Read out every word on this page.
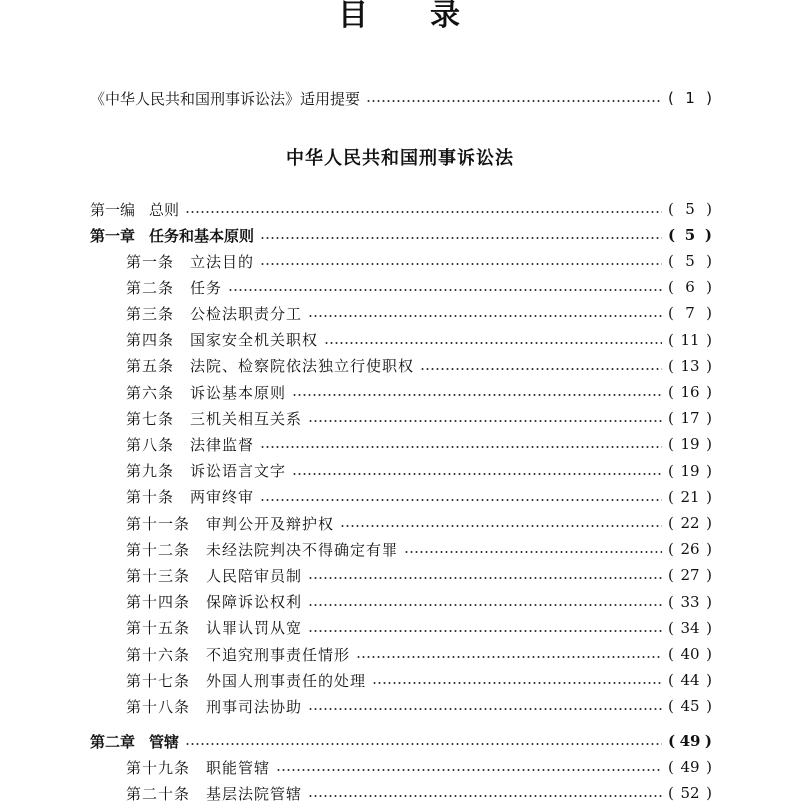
目 录
《中华人民共和国刑事诉讼法》适用提要	( 1 )
中华人民共和国刑事诉讼法
第一编 总则	( 5 )
第一章 任务和基本原则	( 5 )
第一条 立法目的	( 5 )
第二条 任务	( 6 )
第三条 公检法职责分工	( 7 )
第四条 国家安全机关职权	( 11 )
第五条 法院、检察院依法独立行使职权	( 13 )
第六条 诉讼基本原则	( 16 )
第七条 三机关相互关系	( 17 )
第八条 法律监督	( 19 )
第九条 诉讼语言文字	( 19 )
第十条 两审终审	( 21 )
第十一条 审判公开及辩护权	( 22 )
第十二条 未经法院判决不得确定有罪	( 26 )
第十三条 人民陪审员制	( 27 )
第十四条 保障诉讼权利	( 33 )
第十五条 认罪认罚从宽	( 34 )
第十六条 不追究刑事责任情形	( 40 )
第十七条 外国人刑事责任的处理	( 44 )
第十八条 刑事司法协助	( 45 )
第二章 管辖	( 49 )
第十九条 职能管辖	( 49 )
第二十条 基层法院管辖	( 52 )
